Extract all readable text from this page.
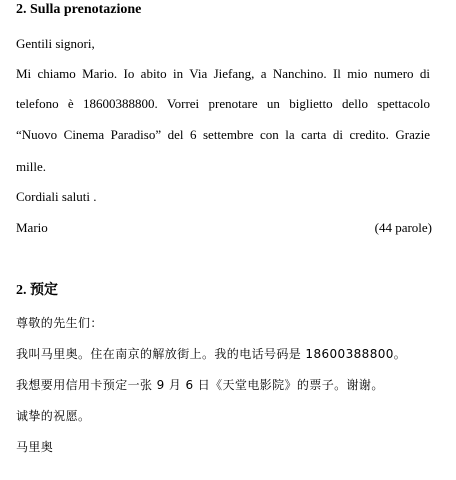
2. Sulla prenotazione
Gentili signori,
Mi chiamo Mario. Io abito in Via Jiefang, a Nanchino. Il mio numero di
telefono è 18600388800. Vorrei prenotare un biglietto dello spettacolo
“Nuovo Cinema Paradiso” del 6 settembre con la carta di credito. Grazie
mille.
Cordiali saluti .
Mario	(44 parole)
2. 预定
尊敬的先生们：
我叫马里奥。住在南京的解放街上。我的电话号码是 18600388800。
我想要用信用卡预定一张 9 月 6 日《天堂电影院》的票子。谢谢。
诚挚的祝愿。
马里奥
